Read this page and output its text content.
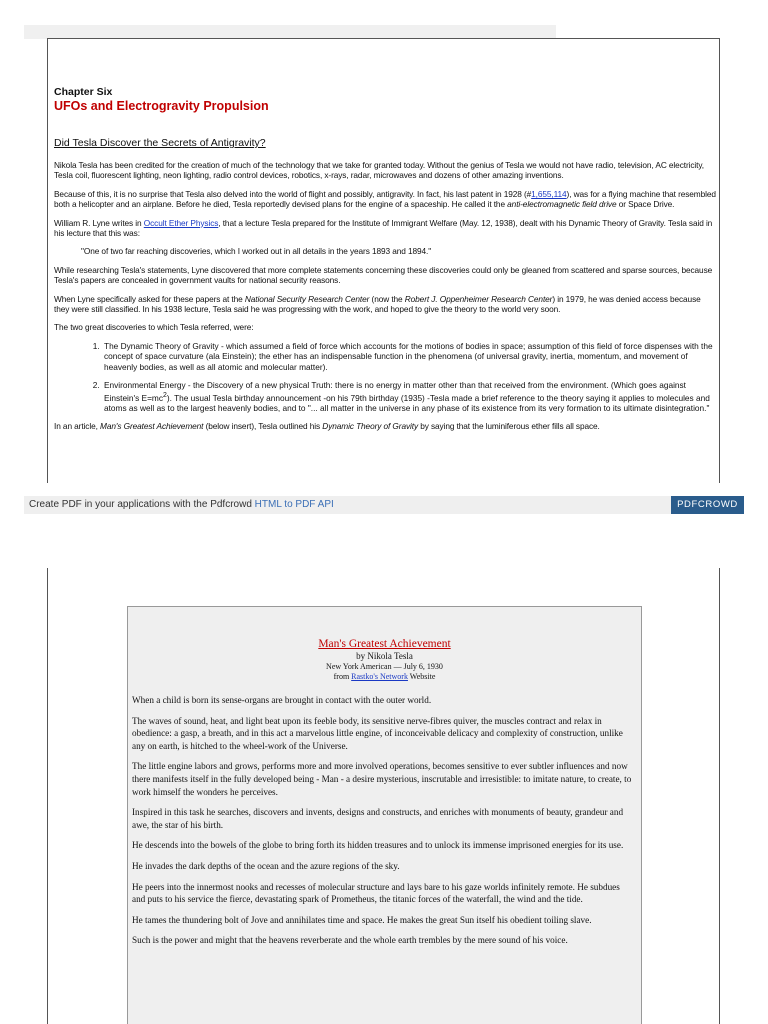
Chapter Six
UFOs and Electrogravity Propulsion
Did Tesla Discover the Secrets of Antigravity?

Nikola Tesla has been credited for the creation of much of the technology that we take for granted today. Without the genius of Tesla we would not have radio, television, AC electricity, Tesla coil, fluorescent lighting, neon lighting, radio control devices, robotics, x-rays, radar, microwaves and dozens of other amazing inventions.

Because of this, it is no surprise that Tesla also delved into the world of flight and possibly, antigravity. In fact, his last patent in 1928 (#1,655,114), was for a flying machine that resembled both a helicopter and an airplane. Before he died, Tesla reportedly devised plans for the engine of a spaceship. He called it the anti-electromagnetic field drive or Space Drive.

William R. Lyne writes in Occult Ether Physics, that a lecture Tesla prepared for the Institute of Immigrant Welfare (May. 12, 1938), dealt with his Dynamic Theory of Gravity. Tesla said in his lecture that this was:

"One of two far reaching discoveries, which I worked out in all details in the years 1893 and 1894."

While researching Tesla's statements, Lyne discovered that more complete statements concerning these discoveries could only be gleaned from scattered and sparse sources, because Tesla's papers are concealed in government vaults for national security reasons.

When Lyne specifically asked for these papers at the National Security Research Center (now the Robert J. Oppenheimer Research Center) in 1979, he was denied access because they were still classified. In his 1938 lecture, Tesla said he was progressing with the work, and hoped to give the theory to the world very soon.

The two great discoveries to which Tesla referred, were:

1. The Dynamic Theory of Gravity - which assumed a field of force which accounts for the motions of bodies in space; assumption of this field of force dispenses with the concept of space curvature (ala Einstein); the ether has an indispensable function in the phenomena (of universal gravity, inertia, momentum, and movement of heavenly bodies, as well as all atomic and molecular matter).
2. Environmental Energy - the Discovery of a new physical Truth: there is no energy in matter other than that received from the environment. (Which goes against Einstein's $E=mc^2$). The usual Tesla birthday announcement -on his 79th birthday (1935) -Tesla made a brief reference to the theory saying it applies to molecules and atoms as well as to the largest heavenly bodies, and to "... all matter in the universe in any phase of its existence from its very formation to its ultimate disintegration."

In an article, Man's Greatest Achievement (below insert), Tesla outlined his Dynamic Theory of Gravity by saying that the luminiferous ether fills all space.

Create PDF in your applications with the Pdfcrowd HTML to PDF API	PDFCROWD
Man's Greatest Achievement
by Nikola Tesla
New York American — July 6, 1930
from Rastko's Network Website

When a child is born its sense-organs are brought in contact with the outer world.

The waves of sound, heat, and light beat upon its feeble body, its sensitive nerve-fibres quiver, the muscles contract and relax in obedience: a gasp, a breath, and in this act a marvelous little engine, of inconceivable delicacy and complexity of construction, unlike any on earth, is hitched to the wheel-work of the Universe.

The little engine labors and grows, performs more and more involved operations, becomes sensitive to ever subtler influences and now there manifests itself in the fully developed being - Man - a desire mysterious, inscrutable and irresistible: to imitate nature, to create, to work himself the wonders he perceives.

Inspired in this task he searches, discovers and invents, designs and constructs, and enriches with monuments of beauty, grandeur and awe, the star of his birth.

He descends into the bowels of the globe to bring forth its hidden treasures and to unlock its immense imprisoned energies for its use.

He invades the dark depths of the ocean and the azure regions of the sky.

He peers into the innermost nooks and recesses of molecular structure and lays bare to his gaze worlds infinitely remote. He subdues and puts to his service the fierce, devastating spark of Prometheus, the titanic forces of the waterfall, the wind and the tide.

He tames the thundering bolt of Jove and annihilates time and space. He makes the great Sun itself his obedient toiling slave.

Such is the power and might that the heavens reverberate and the whole earth trembles by the mere sound of his voice.
